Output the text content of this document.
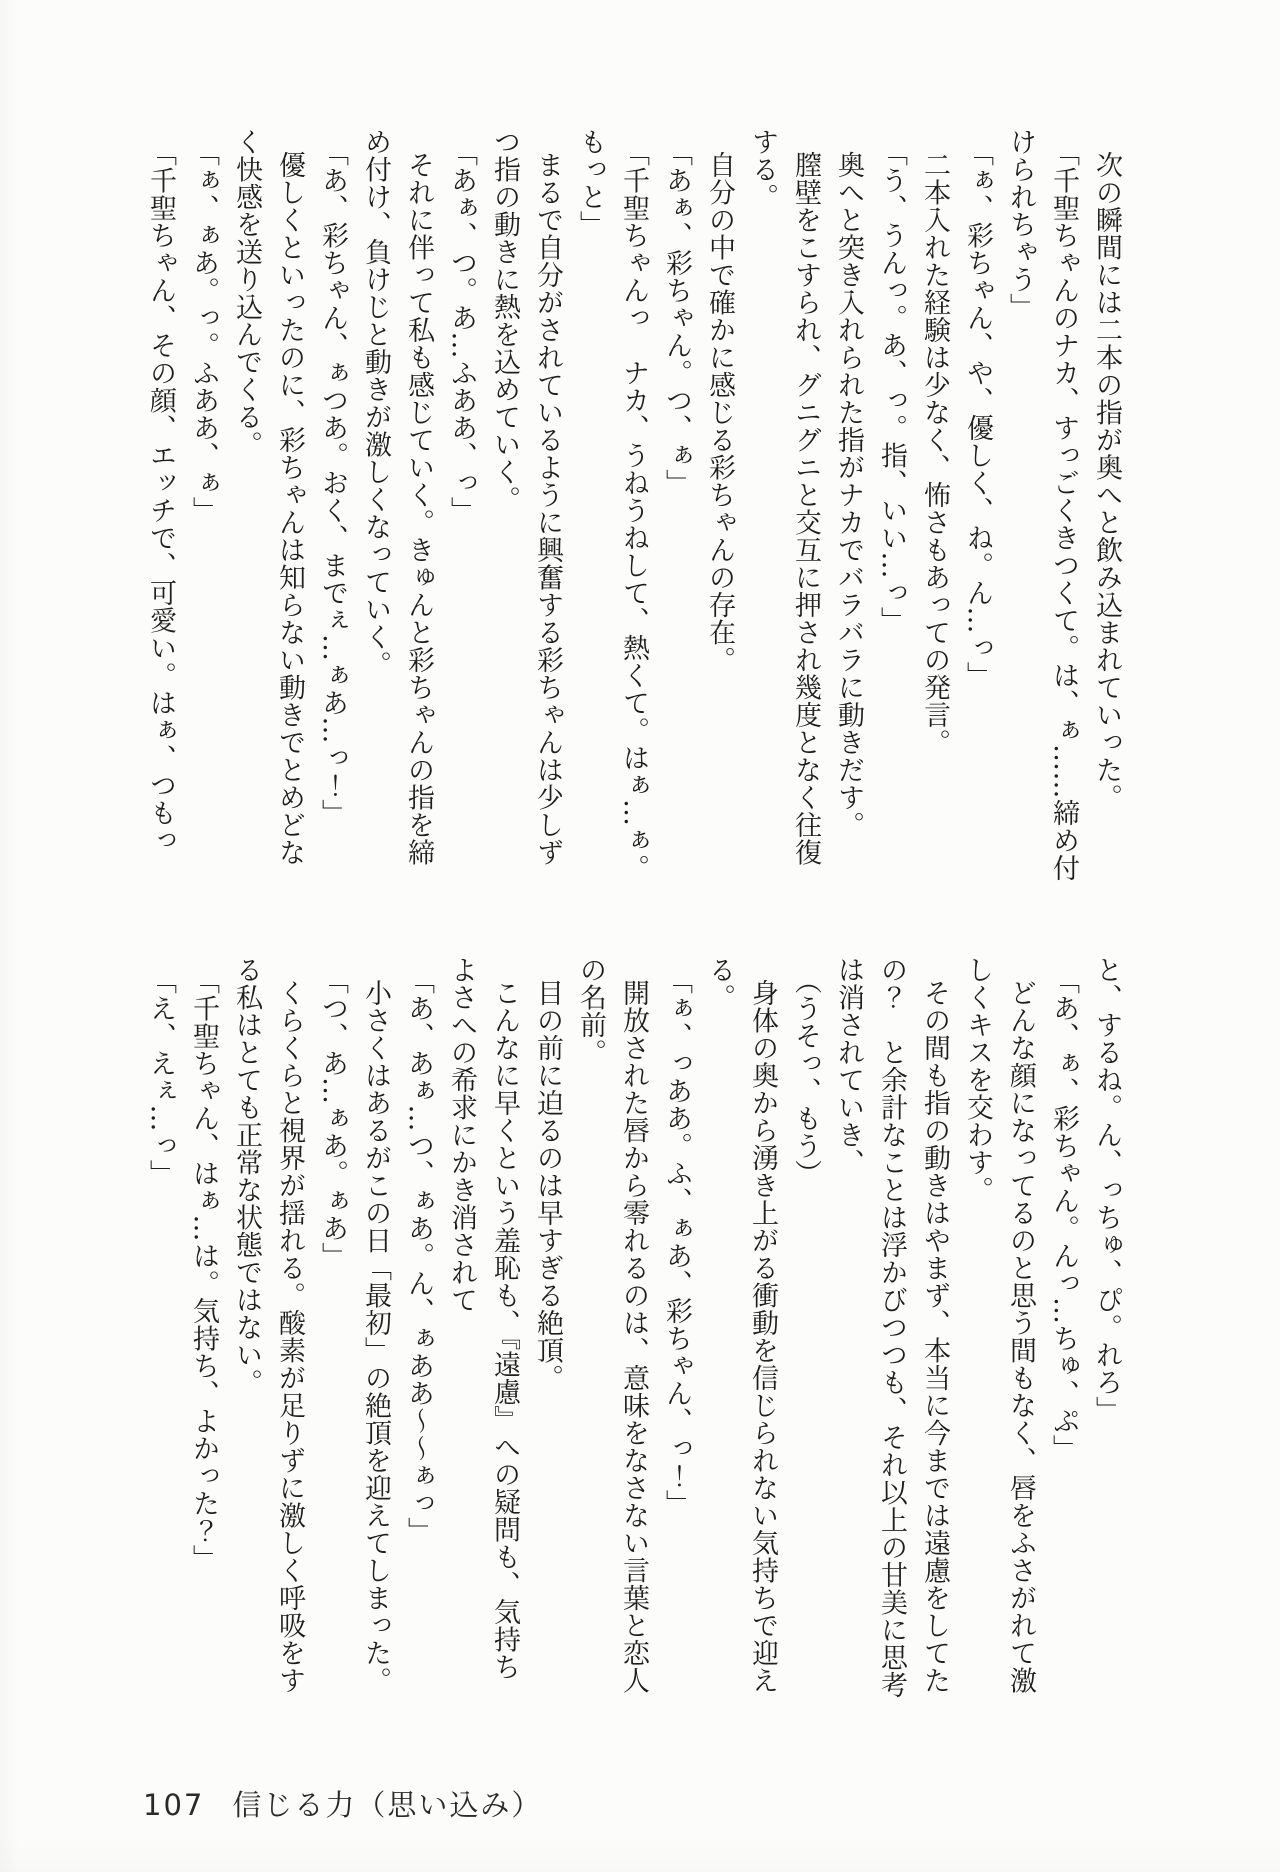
次の瞬間には二本の指が奥へと飲み込まれていった。

「千聖ちゃんのナカ、すっごくきつくて。は、ぁ……締め付

けられちゃう」

「ぁ、彩ちゃん、や、優しく、ね。ん…っ」

二本入れた経験は少なく、怖さもあっての発言。

「う、うんっ。あ、っ。指、いい…っ」

奥へと突き入れられた指がナカでバラバラに動きだす。

膣壁をこすられ、グニグニと交互に押され幾度となく往復

する。

自分の中で確かに感じる彩ちゃんの存在。

「あぁ、彩ちゃん。つ、ぁ」

「千聖ちゃんっ　ナカ、うねうねして、熱くて。はぁ…ぁ。

もっと」

まるで自分がされているように興奮する彩ちゃんは少しず

つ指の動きに熱を込めていく。

「あぁ、つ。あ…ふああ、っ」

それに伴って私も感じていく。きゅんと彩ちゃんの指を締

め付け、負けじと動きが激しくなっていく。

「あ、彩ちゃん、ぁつあ。おく、までぇ…ぁあ…っ！」

優しくといったのに、彩ちゃんは知らない動きでとめどな

く快感を送り込んでくる。

「ぁ、ぁあ。っ。ふああ、ぁ」

「千聖ちゃん、その顔、エッチで、可愛い。はぁ、つもっ

と、するね。ん、っちゅ、ぴ。れろ」

「あ、ぁ、彩ちゃん。んっ…ちゅ、ぷ」

どんな顔になってるのと思う間もなく、唇をふさがれて激

しくキスを交わす。

その間も指の動きはやまず、本当に今までは遠慮をしてた

の？　と余計なことは浮かびつつも、それ以上の甘美に思考

は消されていき、

（うそっ、もう）

身体の奥から湧き上がる衝動を信じられない気持ちで迎え

る。

「ぁ、っああ。ふ、ぁあ、彩ちゃん、っ！」

開放された唇から零れるのは、意味をなさない言葉と恋人

の名前。

目の前に迫るのは早すぎる絶頂。

こんなに早くという羞恥も、『遠慮』への疑問も、気持ち

よさへの希求にかき消されて

「あ、あぁ…つ、ぁあ。ん、ぁああ～～ぁっ」

小さくはあるがこの日「最初」の絶頂を迎えてしまった。

「つ、あ…ぁあ。ぁあ」

くらくらと視界が揺れる。酸素が足りずに激しく呼吸をす

る私はとても正常な状態ではない。

「千聖ちゃん、はぁ…は。気持ち、よかった？」

「え、えぇ…っ」

107 信じる力（思い込み）
